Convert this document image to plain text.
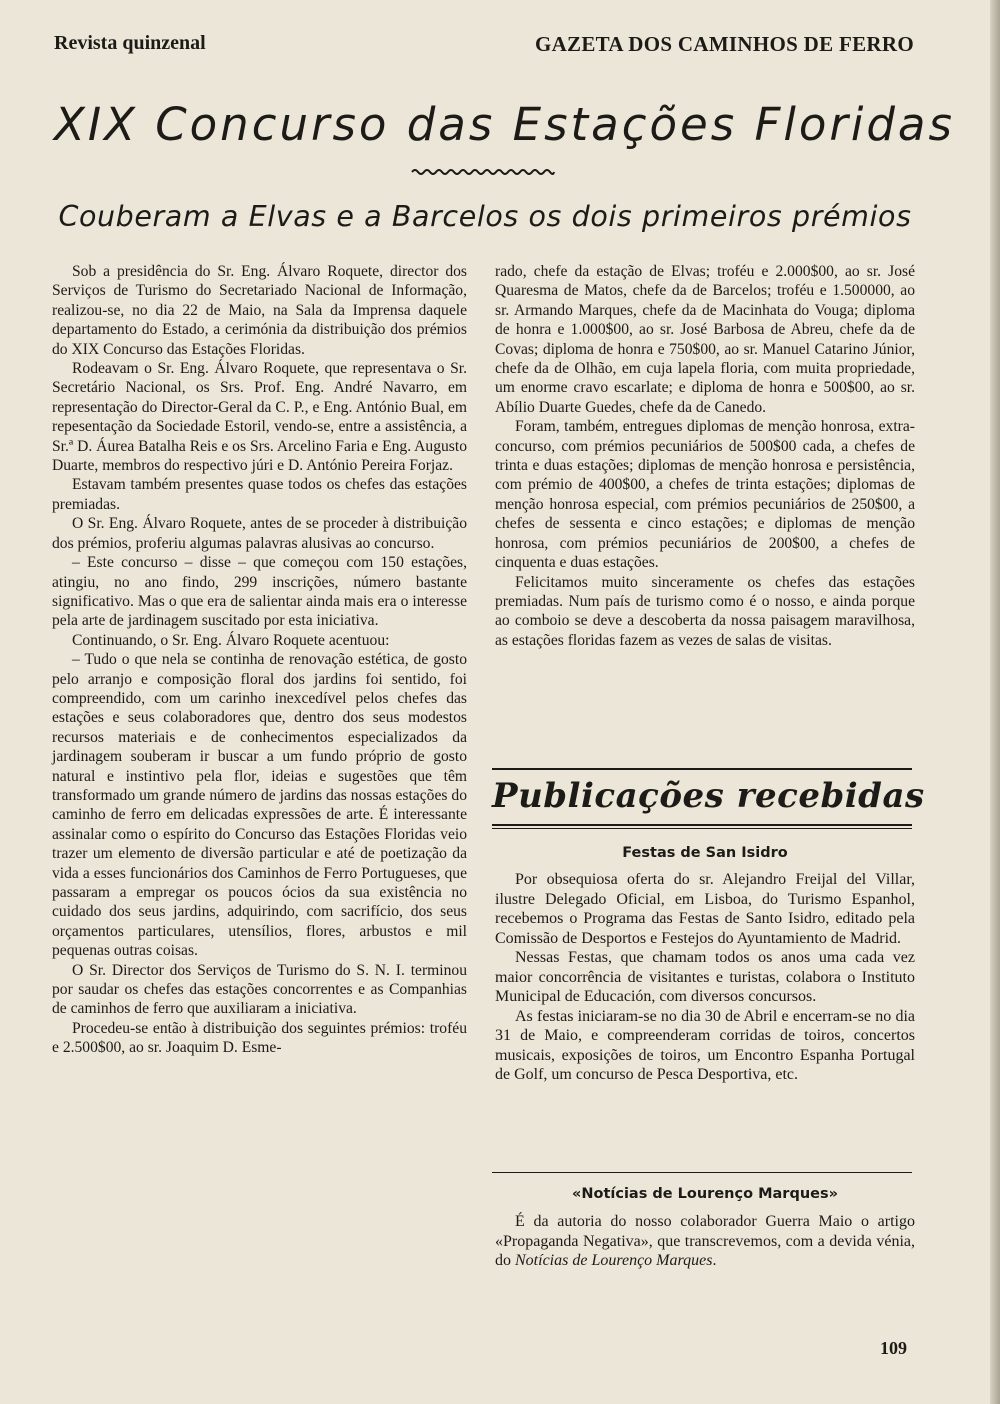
Revista quinzenal	GAZETA DOS CAMINHOS DE FERRO
XIX Concurso das Estações Floridas
Couberam a Elvas e a Barcelos os dois primeiros prémios

Sob a presidência do Sr. Eng. Álvaro Roquete, director dos Serviços de Turismo do Secretariado Nacional de Informação, realizou-se, no dia 22 de Maio, na Sala da Imprensa daquele departamento do Estado, a cerimónia da distribuição dos prémios do XIX Concurso das Estações Floridas.

Rodeavam o Sr. Eng. Álvaro Roquete, que representava o Sr. Secretário Nacional, os Srs. Prof. Eng. André Navarro, em representação do Director-Geral da C. P., e Eng. António Bual, em repesentação da Sociedade Estoril, vendo-se, entre a assistência, a Sr.ª D. Áurea Batalha Reis e os Srs. Arcelino Faria e Eng. Augusto Duarte, membros do respectivo júri e D. António Pereira Forjaz.

Estavam também presentes quase todos os chefes das estações premiadas.

O Sr. Eng. Álvaro Roquete, antes de se proceder à distribuição dos prémios, proferiu algumas palavras alusivas ao concurso.

– Este concurso – disse – que começou com 150 estações, atingiu, no ano findo, 299 inscrições, número bastante significativo. Mas o que era de salientar ainda mais era o interesse pela arte de jardinagem suscitado por esta iniciativa.

Continuando, o Sr. Eng. Álvaro Roquete acentuou:

– Tudo o que nela se continha de renovação estética, de gosto pelo arranjo e composição floral dos jardins foi sentido, foi compreendido, com um carinho inexcedível pelos chefes das estações e seus colaboradores que, dentro dos seus modestos recursos materiais e de conhecimentos especializados da jardinagem souberam ir buscar a um fundo próprio de gosto natural e instintivo pela flor, ideias e sugestões que têm transformado um grande número de jardins das nossas estações do caminho de ferro em delicadas expressões de arte. É interessante assinalar como o espírito do Concurso das Estações Floridas veio trazer um elemento de diversão particular e até de poetização da vida a esses funcionários dos Caminhos de Ferro Portugueses, que passaram a empregar os poucos ócios da sua existência no cuidado dos seus jardins, adquirindo, com sacrifício, dos seus orçamentos particulares, utensílios, flores, arbustos e mil pequenas outras coisas.

O Sr. Director dos Serviços de Turismo do S. N. I. terminou por saudar os chefes das estações concorrentes e as Companhias de caminhos de ferro que auxiliaram a iniciativa.

Procedeu-se então à distribuição dos seguintes prémios: troféu e 2.500$00, ao sr. Joaquim D. Esme-

rado, chefe da estação de Elvas; troféu e 2.000$00, ao sr. José Quaresma de Matos, chefe da de Barcelos; troféu e 1.500000, ao sr. Armando Marques, chefe da de Macinhata do Vouga; diploma de honra e 1.000$00, ao sr. José Barbosa de Abreu, chefe da de Covas; diploma de honra e 750$00, ao sr. Manuel Catarino Júnior, chefe da de Olhão, em cuja lapela floria, com muita propriedade, um enorme cravo escarlate; e diploma de honra e 500$00, ao sr. Abílio Duarte Guedes, chefe da de Canedo.

Foram, também, entregues diplomas de menção honrosa, extra-concurso, com prémios pecuniários de 500$00 cada, a chefes de trinta e duas estações; diplomas de menção honrosa e persistência, com prémio de 400$00, a chefes de trinta estações; diplomas de menção honrosa especial, com prémios pecuniários de 250$00, a chefes de sessenta e cinco estações; e diplomas de menção honrosa, com prémios pecuniários de 200$00, a chefes de cinquenta e duas estações.

Felicitamos muito sinceramente os chefes das estações premiadas. Num país de turismo como é o nosso, e ainda porque ao comboio se deve a descoberta da nossa paisagem maravilhosa, as estações floridas fazem as vezes de salas de visitas.

Publicações recebidas
Festas de San Isidro

Por obsequiosa oferta do sr. Alejandro Freijal del Villar, ilustre Delegado Oficial, em Lisboa, do Turismo Espanhol, recebemos o Programa das Festas de Santo Isidro, editado pela Comissão de Desportos e Festejos do Ayuntamiento de Madrid.

Nessas Festas, que chamam todos os anos uma cada vez maior concorrência de visitantes e turistas, colabora o Instituto Municipal de Educación, com diversos concursos.

As festas iniciaram-se no dia 30 de Abril e encerram-se no dia 31 de Maio, e compreenderam corridas de toiros, concertos musicais, exposições de toiros, um Encontro Espanha Portugal de Golf, um concurso de Pesca Desportiva, etc.

«Notícias de Lourenço Marques»

É da autoria do nosso colaborador Guerra Maio o artigo «Propaganda Negativa», que transcrevemos, com a devida vénia, do Notícias de Lourenço Marques.

109
